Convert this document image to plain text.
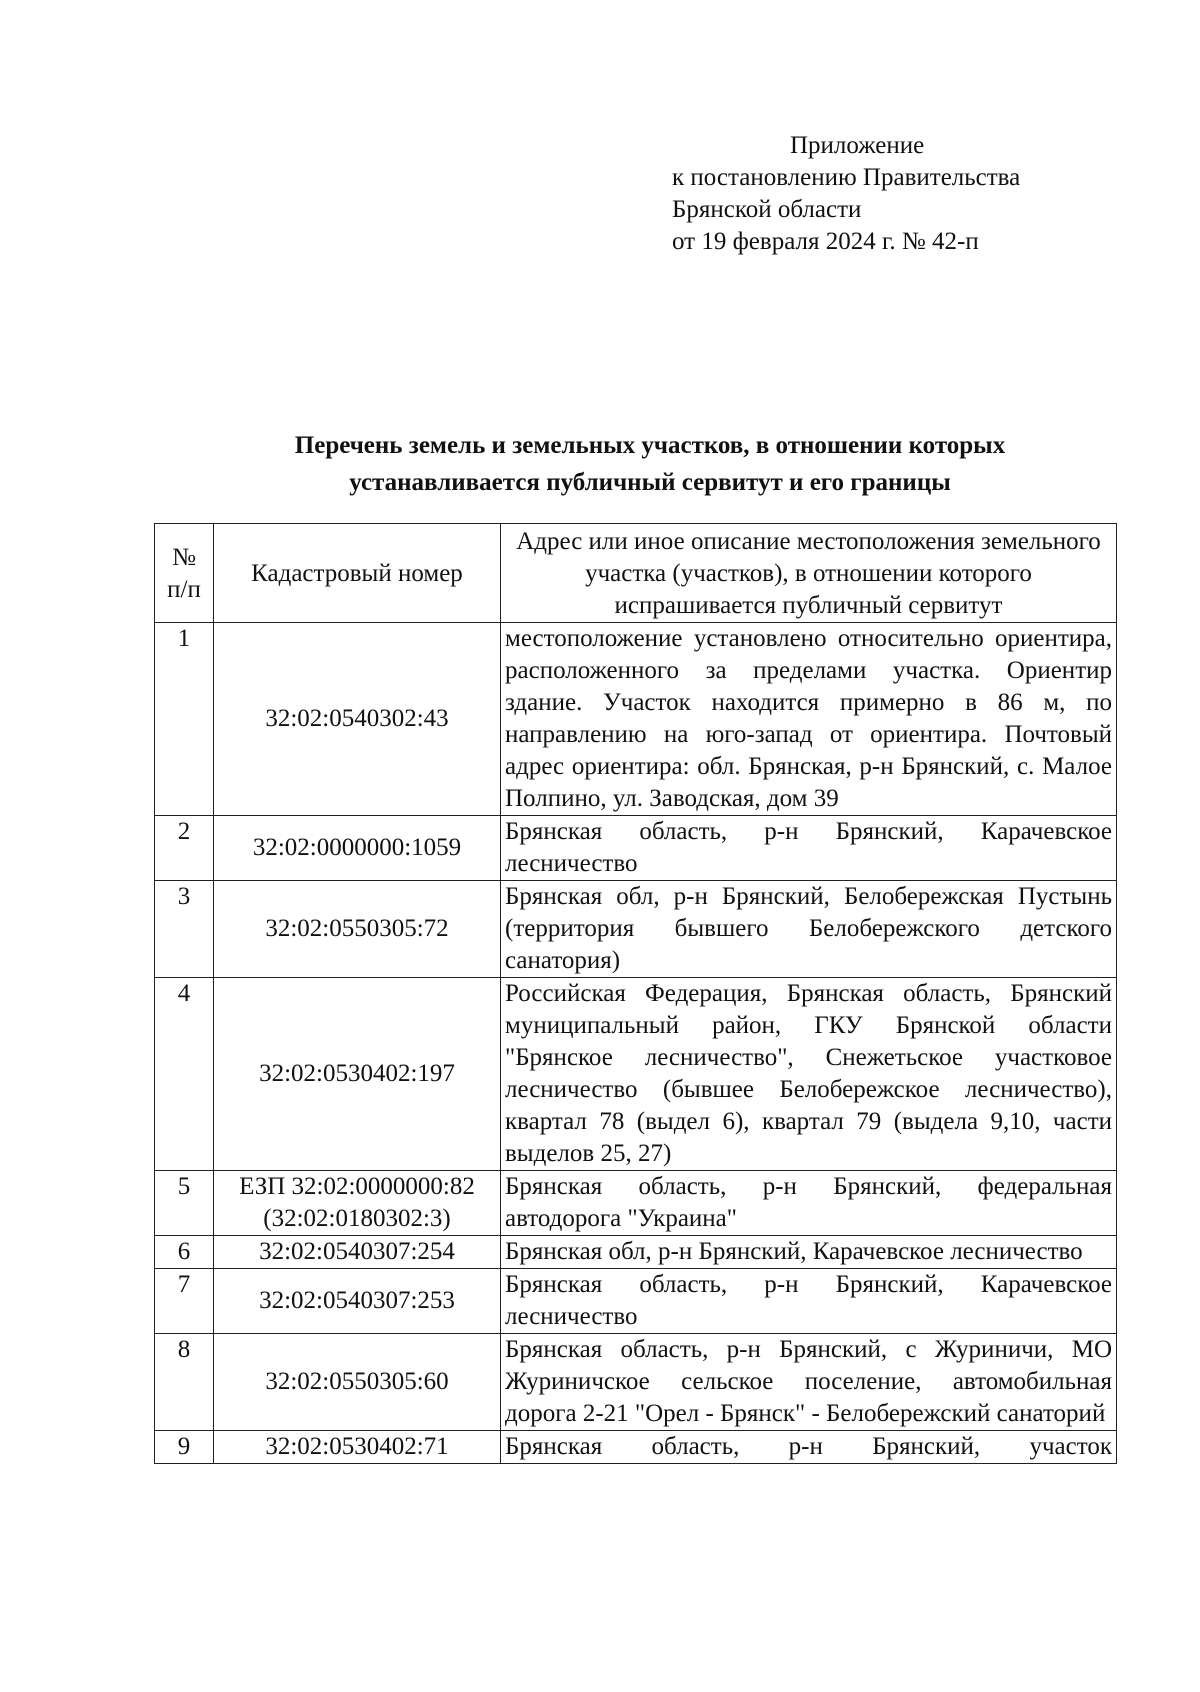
Приложение
к постановлению Правительства
Брянской области
от 19 февраля 2024 г. № 42-п
Перечень земель и земельных участков, в отношении которых
устанавливается публичный сервитут и его границы
№ п/п	Кадастровый номер	Адрес или иное описание местоположения земельного участка (участков), в отношении которого испрашивается публичный сервитут
1	32:02:0540302:43	местоположение установлено относительно ориентира, расположенного за пределами участка. Ориентир здание. Участок находится примерно в 86 м, по направлению на юго-запад от ориентира. Почтовый адрес ориентира: обл. Брянская, р-н Брянский, с. Малое Полпино, ул. Заводская, дом 39
2	32:02:0000000:1059	Брянская область, р-н Брянский, Карачевское лесничество
3	32:02:0550305:72	Брянская обл, р-н Брянский, Белобережская Пустынь (территория бывшего Белобережского детского санатория)
4	32:02:0530402:197	Российская Федерация, Брянская область, Брянский муниципальный район, ГКУ Брянской области "Брянское лесничество", Снежетьское участковое лесничество (бывшее Белобережское лесничество), квартал 78 (выдел 6), квартал 79 (выдела 9,10, части выделов 25, 27)
5	ЕЗП 32:02:0000000:82 (32:02:0180302:3)	Брянская область, р-н Брянский, федеральная автодорога "Украина"
6	32:02:0540307:254	Брянская обл, р-н Брянский, Карачевское лесничество
7	32:02:0540307:253	Брянская область, р-н Брянский, Карачевское лесничество
8	32:02:0550305:60	Брянская область, р-н Брянский, с Журиничи, МО Журиничское сельское поселение, автомобильная дорога 2-21 "Орел - Брянск" - Белобережский санаторий
9	32:02:0530402:71	Брянская область, р-н Брянский, участок
